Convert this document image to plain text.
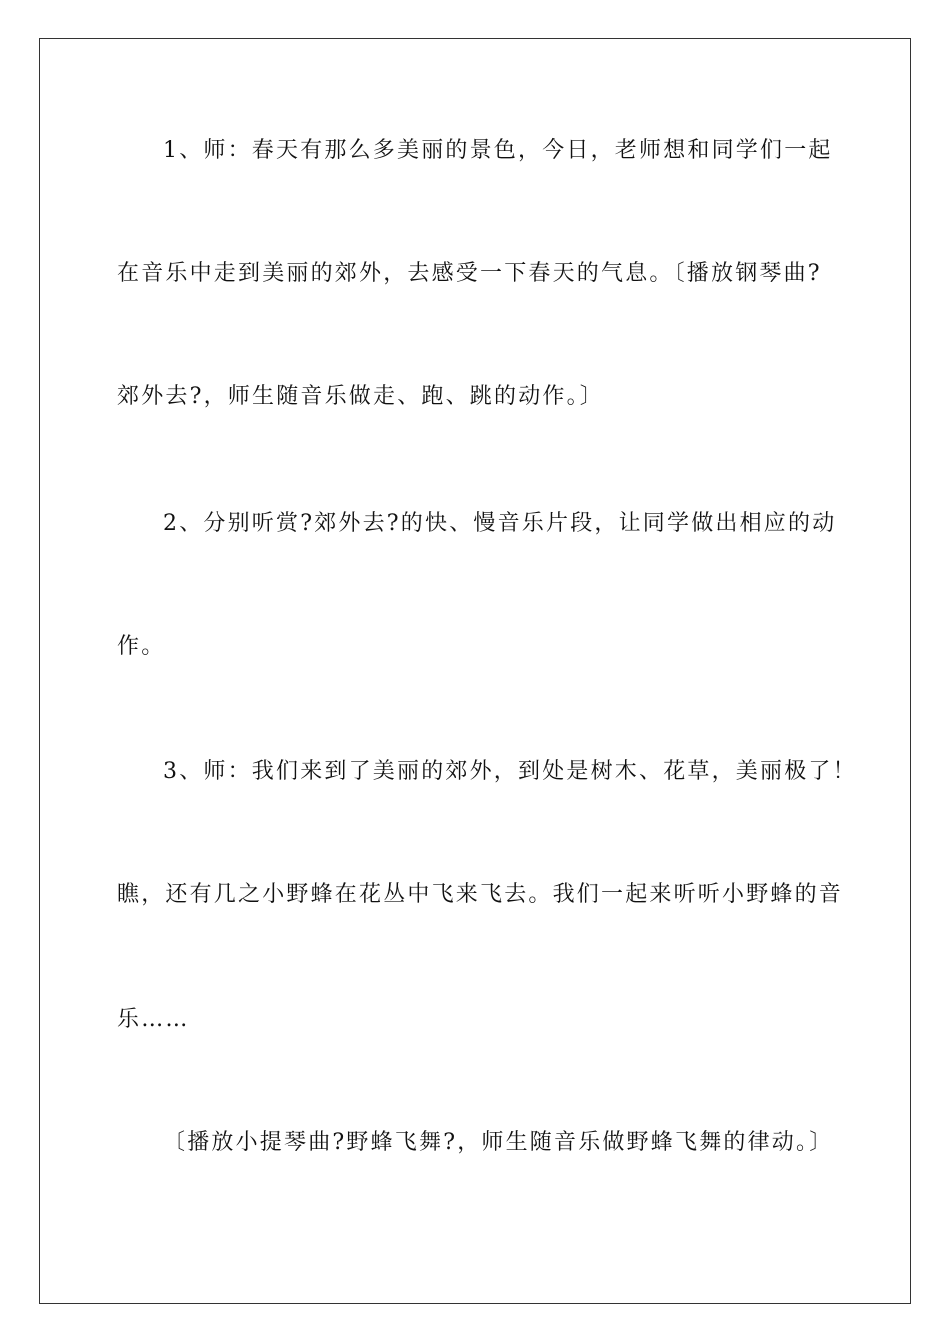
1、师：春天有那么多美丽的景色，今日，老师想和同学们一起
在音乐中走到美丽的郊外，去感受一下春天的气息。〔播放钢琴曲?
郊外去?，师生随音乐做走、跑、跳的动作。〕
2、分别听赏?郊外去?的快、慢音乐片段，让同学做出相应的动
作。
3、师：我们来到了美丽的郊外，到处是树木、花草，美丽极了！
瞧，还有几之小野蜂在花丛中飞来飞去。我们一起来听听小野蜂的音
乐……
〔播放小提琴曲?野蜂飞舞?，师生随音乐做野蜂飞舞的律动。〕
